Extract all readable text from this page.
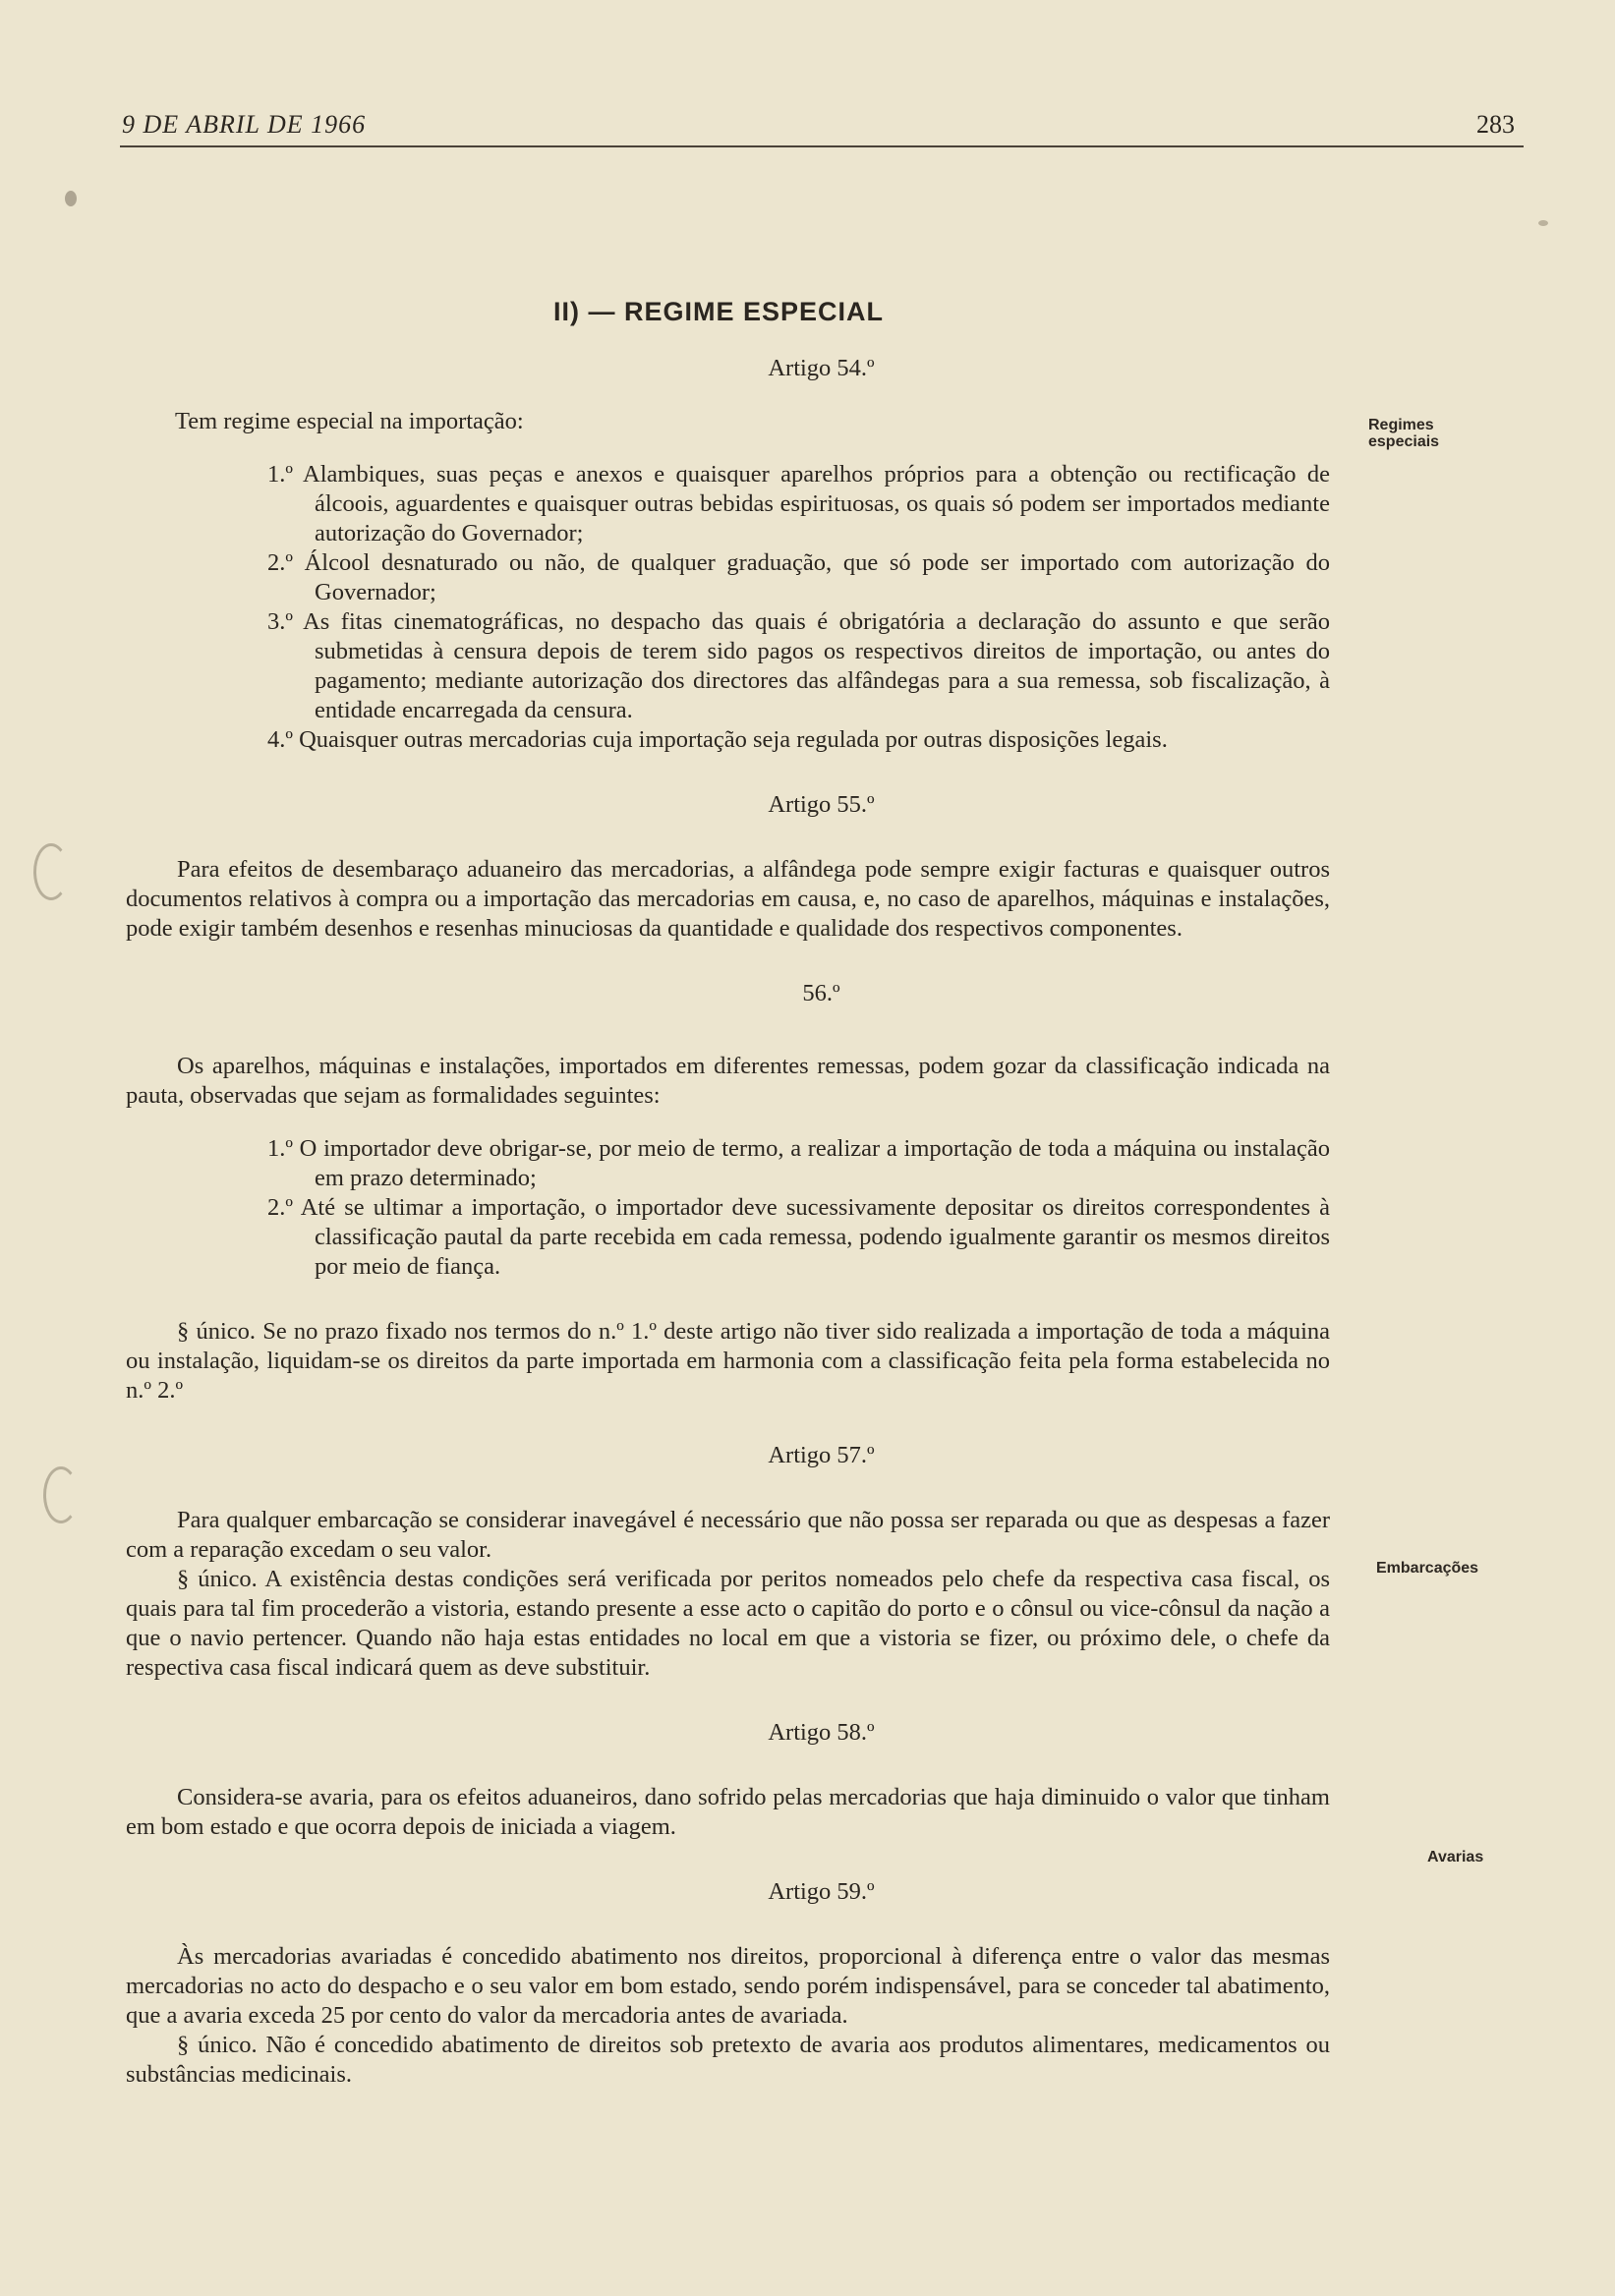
9 DE ABRIL DE 1966	283
II) — REGIME ESPECIAL
Regimes especiais
Embarcações
Avarias

Artigo 54.º

Tem regime especial na importação:

1.º Alambiques, suas peças e anexos e quaisquer aparelhos próprios para a obtenção ou rectificação de álcoois, aguardentes e quaisquer outras bebidas espirituosas, os quais só podem ser importados mediante autorização do Governador;

2.º Álcool desnaturado ou não, de qualquer graduação, que só pode ser importado com autorização do Governador;

3.º As fitas cinematográficas, no despacho das quais é obrigatória a declaração do assunto e que serão submetidas à censura depois de terem sido pagos os respectivos direitos de importação, ou antes do pagamento; mediante autorização dos directores das alfândegas para a sua remessa, sob fiscalização, à entidade encarregada da censura.

4.º Quaisquer outras mercadorias cuja importação seja regulada por outras disposições legais.

Artigo 55.º

Para efeitos de desembaraço aduaneiro das mercadorias, a alfândega pode sempre exigir facturas e quaisquer outros documentos relativos à compra ou a importação das mercadorias em causa, e, no caso de aparelhos, máquinas e instalações, pode exigir também desenhos e resenhas minuciosas da quantidade e qualidade dos respectivos componentes.

56.º

Os aparelhos, máquinas e instalações, importados em diferentes remessas, podem gozar da classificação indicada na pauta, observadas que sejam as formalidades seguintes:

1.º O importador deve obrigar-se, por meio de termo, a realizar a importação de toda a máquina ou instalação em prazo determinado;

2.º Até se ultimar a importação, o importador deve sucessivamente depositar os direitos correspondentes à classificação pautal da parte recebida em cada remessa, podendo igualmente garantir os mesmos direitos por meio de fiança.

§ único. Se no prazo fixado nos termos do n.º 1.º deste artigo não tiver sido realizada a importação de toda a máquina ou instalação, liquidam-se os direitos da parte importada em harmonia com a classificação feita pela forma estabelecida no n.º 2.º

Artigo 57.º

Para qualquer embarcação se considerar inavegável é necessário que não possa ser reparada ou que as despesas a fazer com a reparação excedam o seu valor.

§ único. A existência destas condições será verificada por peritos nomeados pelo chefe da respectiva casa fiscal, os quais para tal fim procederão a vistoria, estando presente a esse acto o capitão do porto e o cônsul ou vice-cônsul da nação a que o navio pertencer. Quando não haja estas entidades no local em que a vistoria se fizer, ou próximo dele, o chefe da respectiva casa fiscal indicará quem as deve substituir.

Artigo 58.º

Considera-se avaria, para os efeitos aduaneiros, dano sofrido pelas mercadorias que haja diminuido o valor que tinham em bom estado e que ocorra depois de iniciada a viagem.

Artigo 59.º

Às mercadorias avariadas é concedido abatimento nos direitos, proporcional à diferença entre o valor das mesmas mercadorias no acto do despacho e o seu valor em bom estado, sendo porém indispensável, para se conceder tal abatimento, que a avaria exceda 25 por cento do valor da mercadoria antes de avariada.

§ único. Não é concedido abatimento de direitos sob pretexto de avaria aos produtos alimentares, medicamentos ou substâncias medicinais.
